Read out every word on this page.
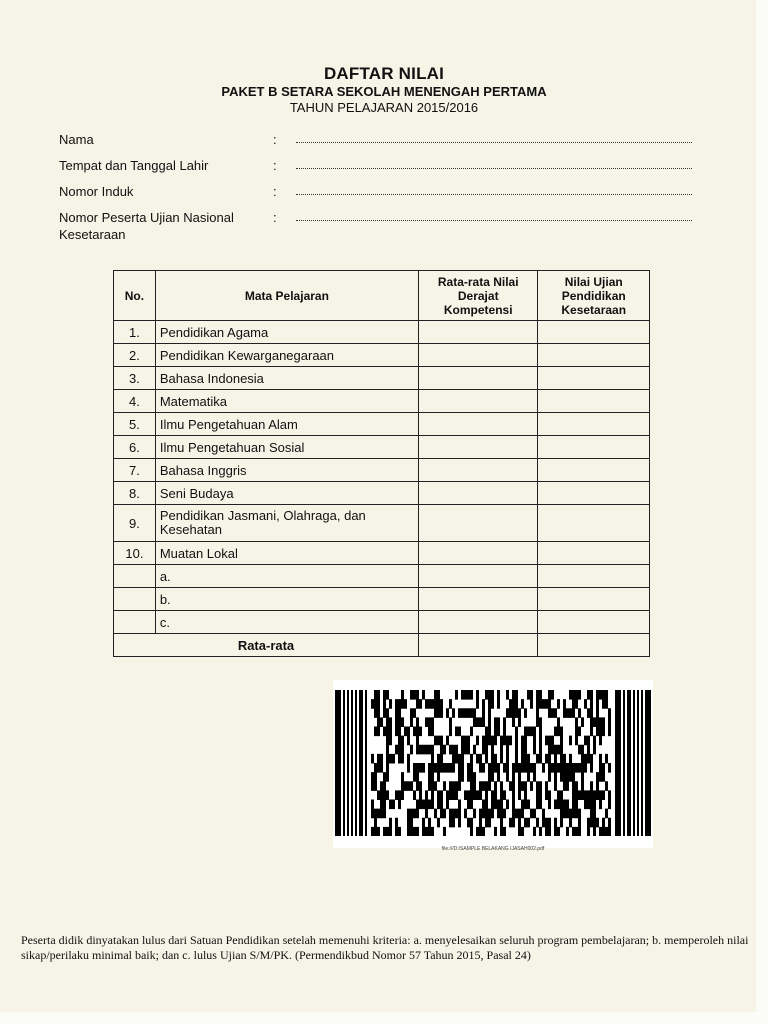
DAFTAR NILAI
PAKET B SETARA SEKOLAH MENENGAH PERTAMA
TAHUN PELAJARAN 2015/2016
Nama	:
Tempat dan Tanggal Lahir	:
Nomor Induk	:
Nomor Peserta Ujian Nasional Kesetaraan
:
No.	Mata Pelajaran	Rata-rata Nilai Derajat Kompetensi	Nilai Ujian Pendidikan Kesetaraan
1.	Pendidikan Agama		
2.	Pendidikan Kewarganegaraan		
3.	Bahasa Indonesia		
4.	Matematika		
5.	Ilmu Pengetahuan Alam		
6.	Ilmu Pengetahuan Sosial		
7.	Bahasa Inggris		
8.	Seni Budaya		
9.	Pendidikan Jasmani, Olahraga, dan Kesehatan		
10.	Muatan Lokal		
	a.		
	b.		
	c.		
Rata-rata			
file:///D:/SAMPLE BELAKANG IJASAH002.pdf
Peserta didik dinyatakan lulus dari Satuan Pendidikan setelah memenuhi kriteria: a. menyelesaikan seluruh program pembelajaran; b. memperoleh nilai sikap/perilaku minimal baik; dan c. lulus Ujian S/M/PK. (Permendikbud Nomor 57 Tahun 2015, Pasal 24)
